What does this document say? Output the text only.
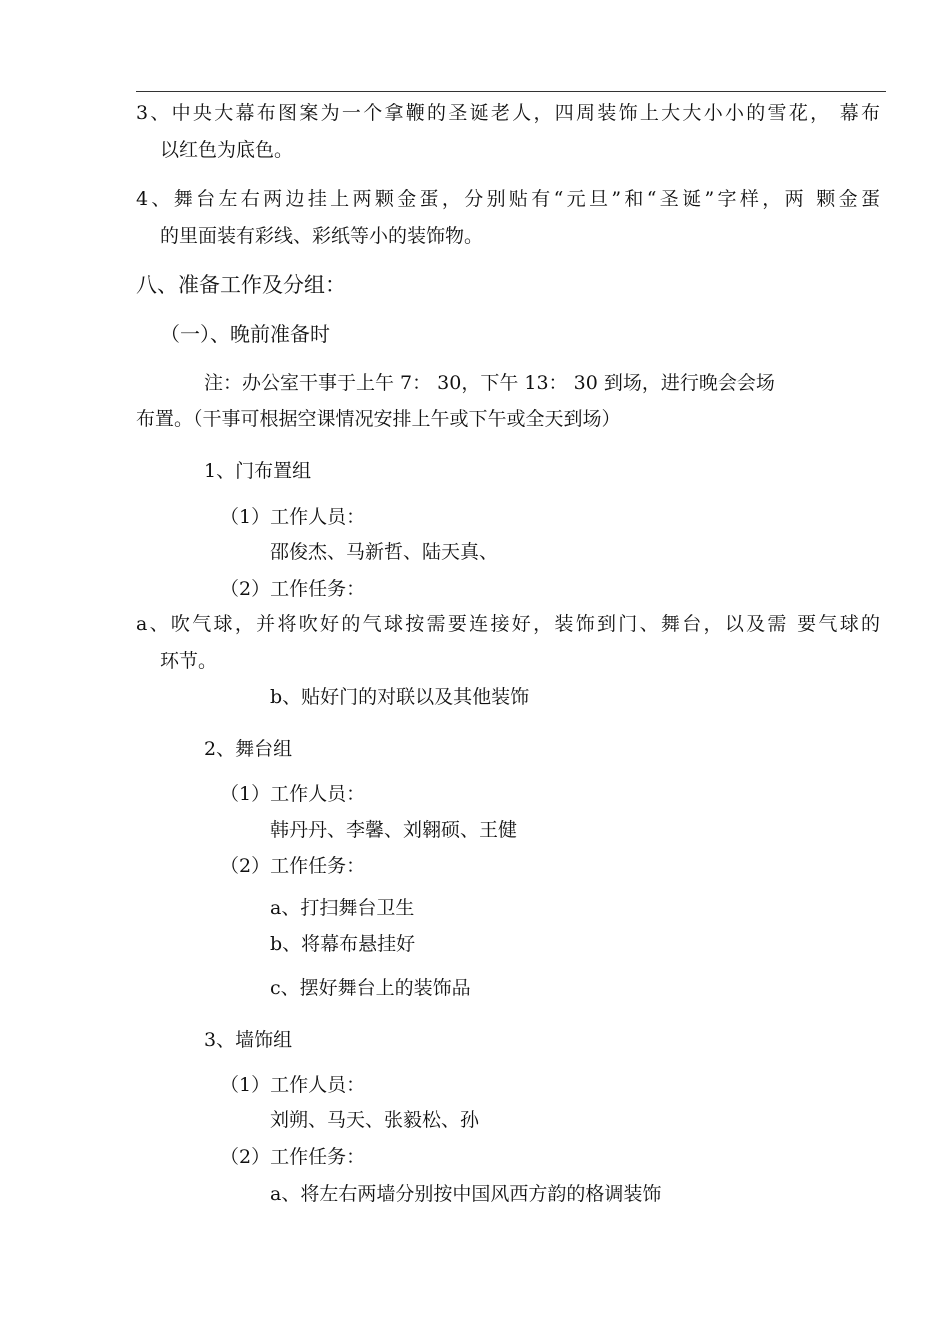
3、中央大幕布图案为一个拿鞭的圣诞老人，四周装饰上大大小小的雪花， 幕布
以红色为底色。
4、舞台左右两边挂上两颗金蛋，分别贴有“元旦”和“圣诞”字样，两 颗金蛋
的里面装有彩线、彩纸等小的装饰物。
八、准备工作及分组：
（一）、晚前准备时
注：办公室干事于上午 7： 30，下午 13： 30 到场，进行晚会会场
布置。（干事可根据空课情况安排上午或下午或全天到场）
1、门布置组
（1）工作人员：
邵俊杰、马新哲、陆天真、
（2）工作任务：
a、吹气球，并将吹好的气球按需要连接好，装饰到门、舞台，以及需 要气球的
环节。
b、贴好门的对联以及其他装饰
2、舞台组
（1）工作人员：
韩丹丹、李馨、刘翱硕、王健
（2）工作任务：
a、打扫舞台卫生
b、将幕布悬挂好
c、摆好舞台上的装饰品
3、墙饰组
（1）工作人员：
刘朔、马天、张毅松、孙
（2）工作任务：
a、将左右两墙分别按中国风西方韵的格调装饰
